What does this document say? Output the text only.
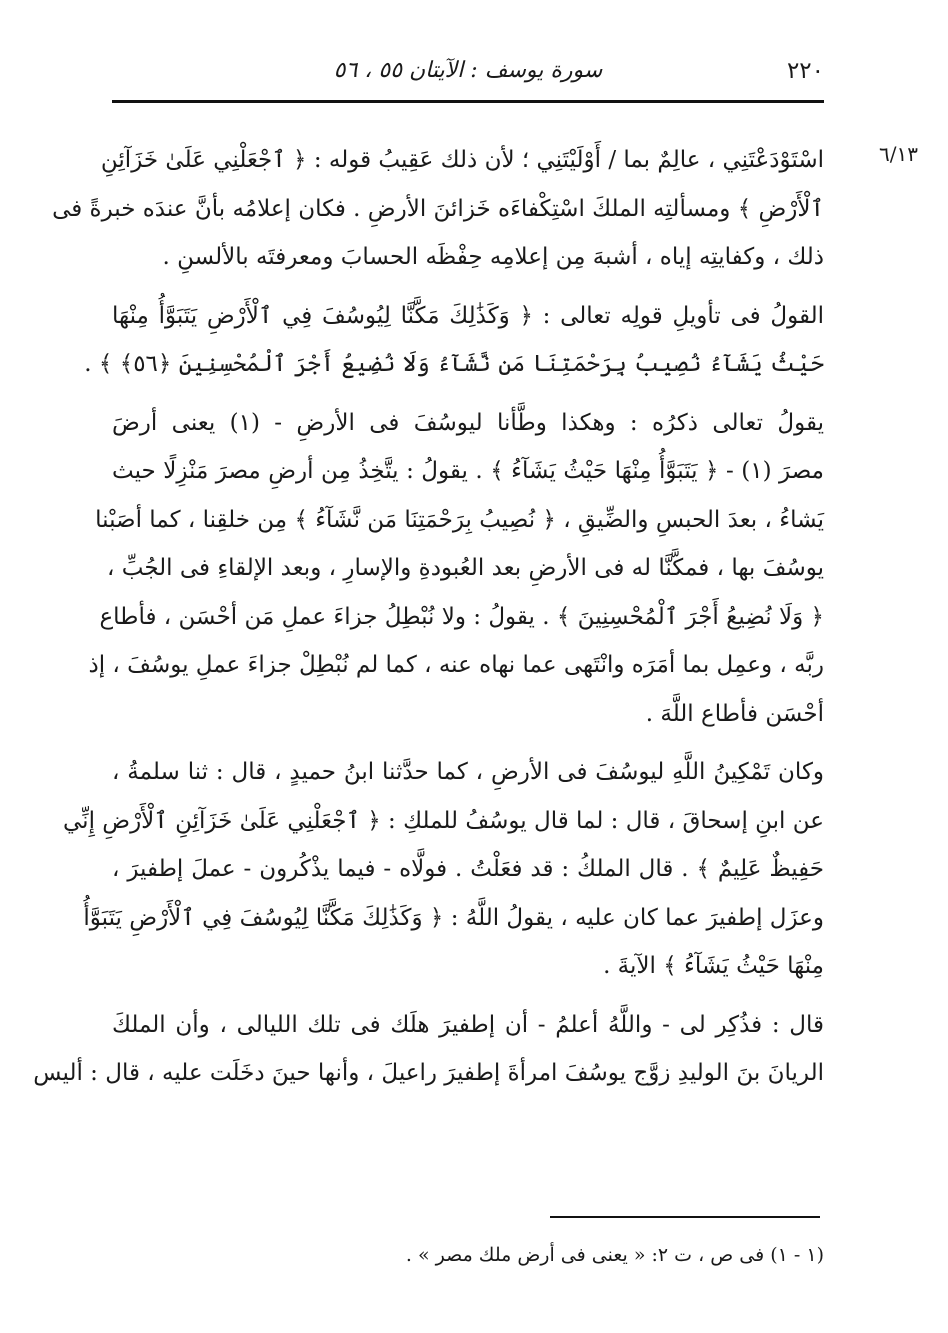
٢٢٠
سورة يوسف : الآيتان ٥٥ ، ٥٦
٦/١٣
اسْتَوْدَعْتَنِي ، عالِمٌ بما / أَوْلَيْتَنِي ؛ لأن ذلك عَقِيبُ قوله : ﴿ ٱجْعَلْنِي عَلَىٰ خَزَآئِنِ
ٱلْأَرْضِ ﴾ ومسألتِه الملكَ اسْتِكْفاءَه خَزائنَ الأرضِ . فكان إعلامُه بأنَّ عندَه خبرةً فى
ذلك ، وكفايتِه إياه ، أشبهَ مِن إعلامِه حِفْظَه الحسابَ ومعرفتَه بالألسنِ .
القولُ فى تأويلِ قولِه تعالى : ﴿ وَكَذَٰلِكَ مَكَّنَّا لِيُوسُفَ فِي ٱلْأَرْضِ يَتَبَوَّأُ مِنْهَا
حَيْثُ يَشَآءُ نُصِيبُ بِرَحْمَتِنَا مَن نَّشَآءُ وَلَا نُضِيعُ أَجْرَ ٱلْمُحْسِنِينَ ﴿٥٦﴾ ﴾ .
يقولُ تعالى ذكرُه : وهكذا وطَّأنا ليوسُفَ فى الأرضِ - (١) يعنى أرضَ
مصرَ (١) - ﴿ يَتَبَوَّأُ مِنْهَا حَيْثُ يَشَآءُ ﴾ . يقولُ : يتَّخِذُ مِن أرضِ مصرَ مَنْزِلًا حيث
يَشاءُ ، بعدَ الحبسِ والضِّيقِ ، ﴿ نُصِيبُ بِرَحْمَتِنَا مَن نَّشَآءُ ﴾ مِن خلقِنا ، كما أصَبْنا
يوسُفَ بها ، فمكَّنَّا له فى الأرضِ بعد العُبودةِ والإسارِ ، وبعد الإلقاءِ فى الجُبِّ ،
﴿ وَلَا نُضِيعُ أَجْرَ ٱلْمُحْسِنِينَ ﴾ . يقولُ : ولا نُبْطِلُ جزاءَ عملِ مَن أحْسَن ، فأطاع
ربَّه ، وعمِل بما أمَرَه وانْتَهى عما نهاه عنه ، كما لم نُبْطِلْ جزاءَ عملِ يوسُفَ ، إذ
أحْسَن فأطاع اللَّهَ .
وكان تَمْكِينُ اللَّهِ ليوسُفَ فى الأرضِ ، كما حدَّثنا ابنُ حميدٍ ، قال : ثنا سلمةُ ،
عن ابنِ إسحاقَ ، قال : لما قال يوسُفُ للملكِ : ﴿ ٱجْعَلْنِي عَلَىٰ خَزَآئِنِ ٱلْأَرْضِ إِنِّي
حَفِيظٌ عَلِيمٌ ﴾ . قال الملكُ : قد فعَلْتُ . فولَّاه - فيما يذْكُرون - عملَ إطفيرَ ،
وعزَل إطفيرَ عما كان عليه ، يقولُ اللَّهُ : ﴿ وَكَذَٰلِكَ مَكَّنَّا لِيُوسُفَ فِي ٱلْأَرْضِ يَتَبَوَّأُ
مِنْهَا حَيْثُ يَشَآءُ ﴾ الآيةَ .
قال : فذُكِر لى - واللَّهُ أعلمُ - أن إطفيرَ هلَك فى تلك الليالى ، وأن الملكَ
الريانَ بنَ الوليدِ زوَّج يوسُفَ امرأةَ إطفيرَ راعيلَ ، وأنها حينَ دخَلَت عليه ، قال : أليس
(١ - ١) فى ص ، ت ٢: « يعنى فى أرض ملك مصر » .
